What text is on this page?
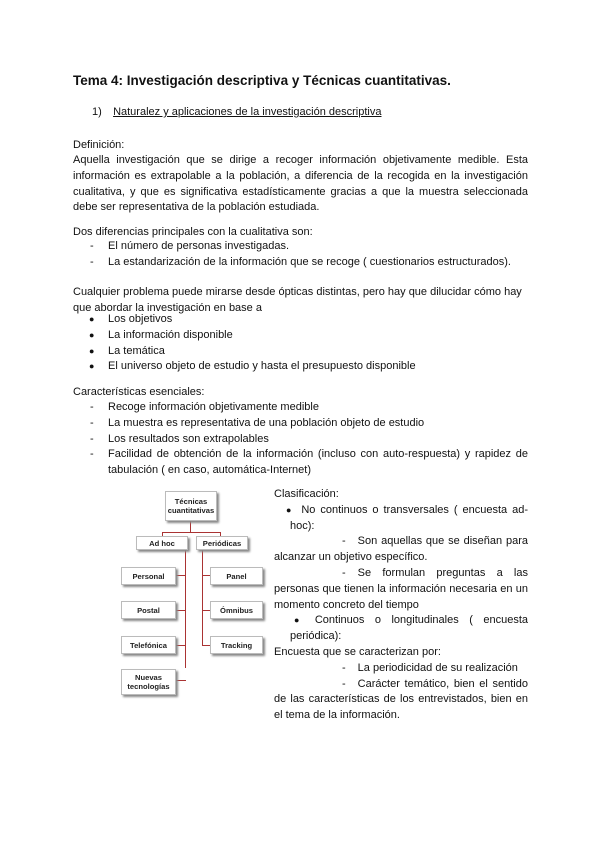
Tema 4: Investigación descriptiva y Técnicas cuantitativas.
1) Naturalez y aplicaciones de la investigación descriptiva
Definición:
Aquella investigación que se dirige a recoger información objetivamente medible. Esta información es extrapolable a la población, a diferencia de la recogida en la investigación cualitativa, y que es significativa estadísticamente gracias a que la muestra seleccionada debe ser representativa de la población estudiada.
Dos diferencias principales con la cualitativa son:
- El número de personas investigadas.
- La estandarización de la información que se recoge ( cuestionarios estructurados).
Cualquier problema puede mirarse desde ópticas distintas, pero hay que dilucidar cómo hay que abordar la investigación en base a
● Los objetivos
● La información disponible
● La temática
● El universo objeto de estudio y hasta el presupuesto disponible
Características esenciales:
- Recoge información objetivamente medible
- La muestra es representativa de una población objeto de estudio
- Los resultados son extrapolables
- Facilidad de obtención de la información (incluso con auto-respuesta) y rapidez de tabulación ( en caso, automática-Internet)
Técnicas cuantitativas
Ad hoc	Periódicas
Personal
Postal
Telefónica
Nuevas tecnologías
Panel
Ómnibus
Tracking
Clasificación:
● No continuos o transversales ( encuesta ad-hoc):
- Son aquellas que se diseñan para alcanzar un objetivo específico.
- Se formulan preguntas a las personas que tienen la información necesaria en un momento concreto del tiempo
● Continuos o longitudinales ( encuesta periódica):
Encuesta que se caracterizan por:
- La periodicidad de su realización
- Carácter temático, bien el sentido de las características de los entrevistados, bien en el tema de la información.
